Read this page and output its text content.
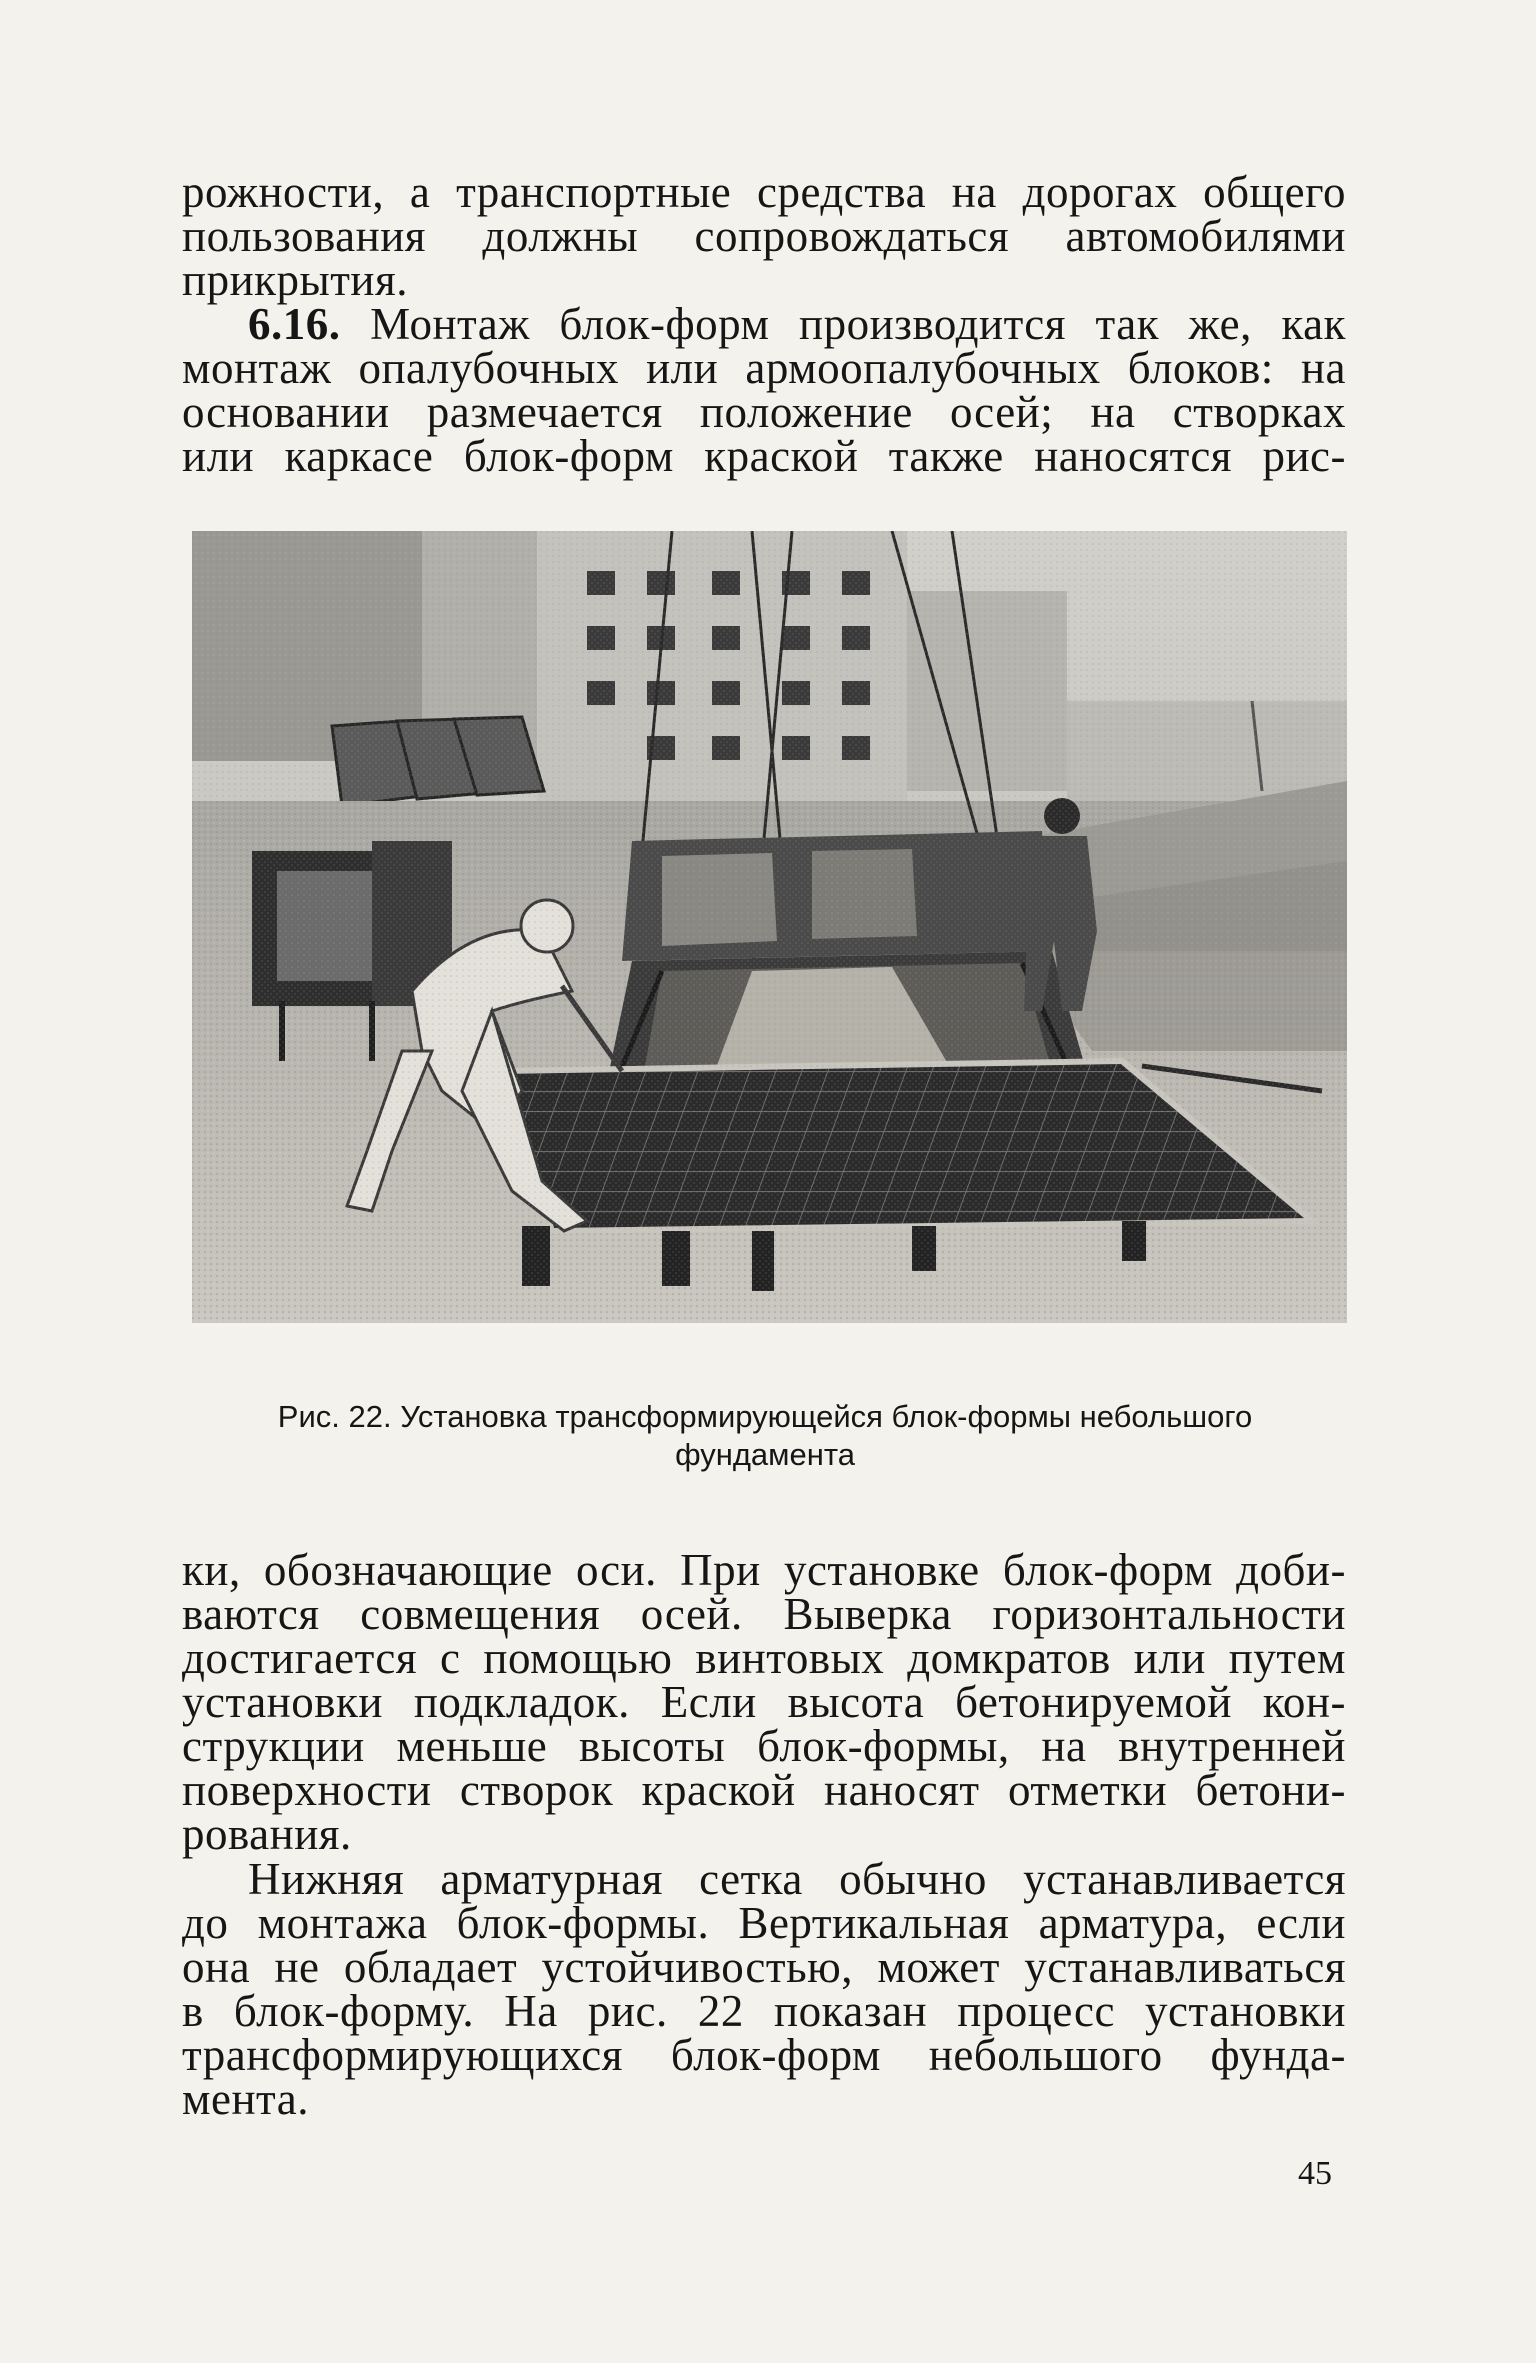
рожности, а транспортные средства на дорогах общего
пользования должны сопровождаться автомобилями
прикрытия.
6.16. Монтаж блок-форм производится так же, как
монтаж опалубочных или армоопалубочных блоков: на
основании размечается положение осей; на створках
или каркасе блок-форм краской также наносятся рис-
Рис. 22. Установка трансформирующейся блок-формы небольшого
фундамента
ки, обозначающие оси. При установке блок-форм доби-
ваются совмещения осей. Выверка горизонтальности
достигается с помощью винтовых домкратов или путем
установки подкладок. Если высота бетонируемой кон-
струкции меньше высоты блок-формы, на внутренней
поверхности створок краской наносят отметки бетони-
рования.
Нижняя арматурная сетка обычно устанавливается
до монтажа блок-формы. Вертикальная арматура, если
она не обладает устойчивостью, может устанавливаться
в блок-форму. На рис. 22 показан процесс установки
трансформирующихся блок-форм небольшого фунда-
мента.
45
